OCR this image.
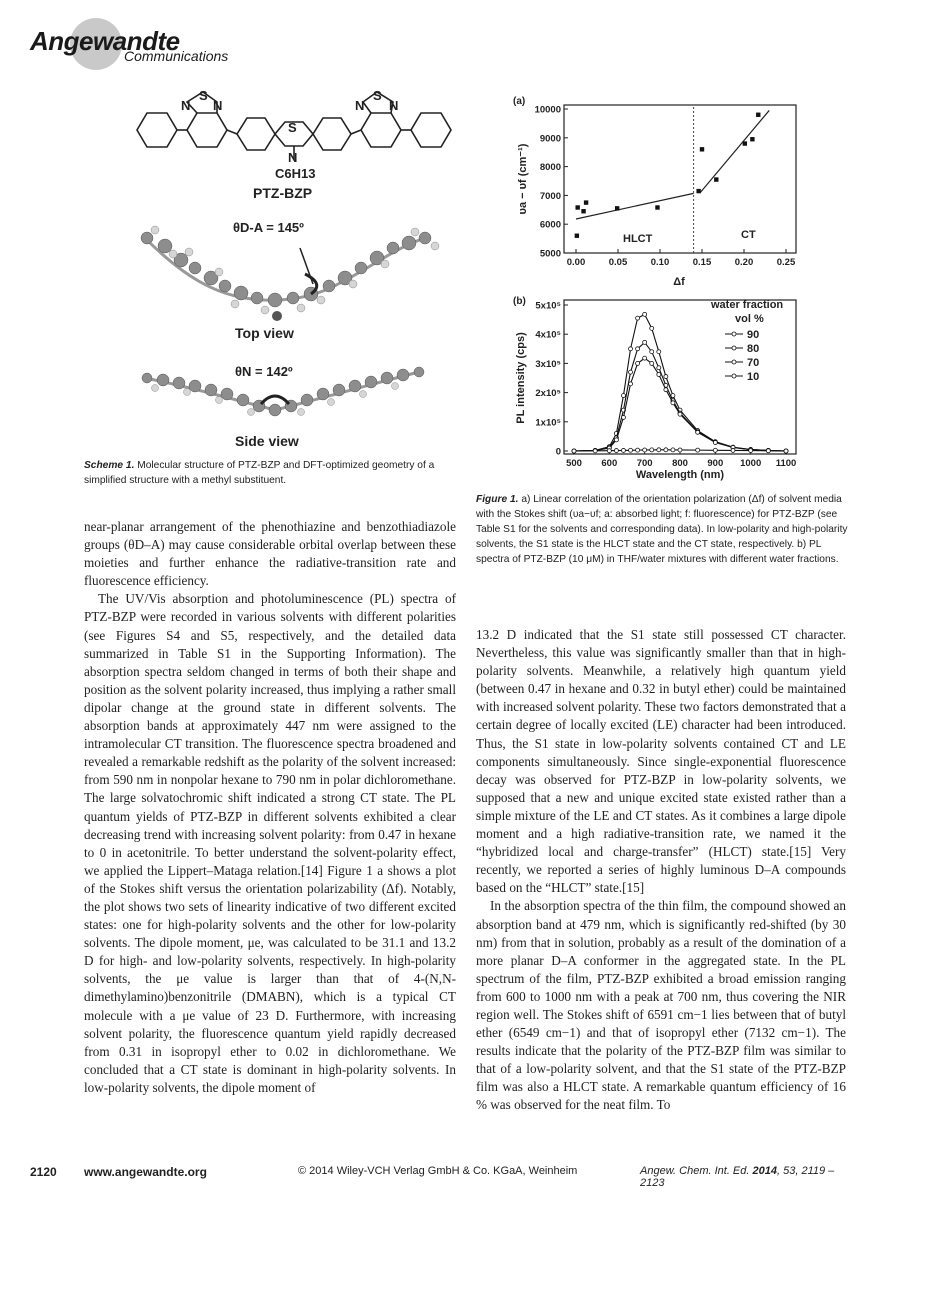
Angewandte
Communications
N
S
N	N
S
N
S
N
C6H13
PTZ-BZP
θD-A = 145º
Top view
θN = 142º
Side view
Scheme 1. Molecular structure of PTZ-BZP and DFT-optimized geometry of a simplified structure with a methyl substituent.
(a)
0.00 0.05 0.10 0.15 0.20 0.25
5000
6000
7000
8000
9000
10000
Δf
υa − υf (cm⁻¹)
HLCT	CT
(b)
500 600 700 800 900 1000 1100
0
1x10⁵
2x10⁵
3x10⁵
4x10⁵
5x10⁵
Wavelength (nm)
PL intensity (cps)
water fraction
vol %
90
80
70
10
Figure 1. a) Linear correlation of the orientation polarization (Δf) of solvent media with the Stokes shift (υa−υf; a: absorbed light; f: fluorescence) for PTZ-BZP (see Table S1 for the solvents and corresponding data). In low-polarity and high-polarity solvents, the S1 state is the HLCT state and the CT state, respectively. b) PL spectra of PTZ-BZP (10 μM) in THF/water mixtures with different water fractions.

near-planar arrangement of the phenothiazine and benzothiadiazole groups (θD–A) may cause considerable orbital overlap between these moieties and further enhance the radiative-transition rate and fluorescence efficiency.

The UV/Vis absorption and photoluminescence (PL) spectra of PTZ-BZP were recorded in various solvents with different polarities (see Figures S4 and S5, respectively, and the detailed data summarized in Table S1 in the Supporting Information). The absorption spectra seldom changed in terms of both their shape and position as the solvent polarity increased, thus implying a rather small dipolar change at the ground state in different solvents. The absorption bands at approximately 447 nm were assigned to the intramolecular CT transition. The fluorescence spectra broadened and revealed a remarkable redshift as the polarity of the solvent increased: from 590 nm in nonpolar hexane to 790 nm in polar dichloromethane. The large solvatochromic shift indicated a strong CT state. The PL quantum yields of PTZ-BZP in different solvents exhibited a clear decreasing trend with increasing solvent polarity: from 0.47 in hexane to 0 in acetonitrile. To better understand the solvent-polarity effect, we applied the Lippert–Mataga relation.[14] Figure 1 a shows a plot of the Stokes shift versus the orientation polarizability (Δf). Notably, the plot shows two sets of linearity indicative of two different excited states: one for high-polarity solvents and the other for low-polarity solvents. The dipole moment, μe, was calculated to be 31.1 and 13.2 D for high- and low-polarity solvents, respectively. In high-polarity solvents, the μe value is larger than that of 4-(N,N-dimethylamino)benzonitrile (DMABN), which is a typical CT molecule with a μe value of 23 D. Furthermore, with increasing solvent polarity, the fluorescence quantum yield rapidly decreased from 0.31 in isopropyl ether to 0.02 in dichloromethane. We concluded that a CT state is dominant in high-polarity solvents. In low-polarity solvents, the dipole moment of

13.2 D indicated that the S1 state still possessed CT character. Nevertheless, this value was significantly smaller than that in high-polarity solvents. Meanwhile, a relatively high quantum yield (between 0.47 in hexane and 0.32 in butyl ether) could be maintained with increased solvent polarity. These two factors demonstrated that a certain degree of locally excited (LE) character had been introduced. Thus, the S1 state in low-polarity solvents contained CT and LE components simultaneously. Since single-exponential fluorescence decay was observed for PTZ-BZP in low-polarity solvents, we supposed that a new and unique excited state existed rather than a simple mixture of the LE and CT states. As it combines a large dipole moment and a high radiative-transition rate, we named it the “hybridized local and charge-transfer” (HLCT) state.[15] Very recently, we reported a series of highly luminous D–A compounds based on the “HLCT” state.[15]

In the absorption spectra of the thin film, the compound showed an absorption band at 479 nm, which is significantly red-shifted (by 30 nm) from that in solution, probably as a result of the domination of a more planar D–A conformer in the aggregated state. In the PL spectrum of the film, PTZ-BZP exhibited a broad emission ranging from 600 to 1000 nm with a peak at 700 nm, thus covering the NIR region well. The Stokes shift of 6591 cm−1 lies between that of butyl ether (6549 cm−1) and that of isopropyl ether (7132 cm−1). The results indicate that the polarity of the PTZ-BZP film was similar to that of a low-polarity solvent, and that the S1 state of the PTZ-BZP film was also a HLCT state. A remarkable quantum efficiency of 16 % was observed for the neat film. To

2120 www.angewandte.org	© 2014 Wiley-VCH Verlag GmbH & Co. KGaA, Weinheim	Angew. Chem. Int. Ed. 2014, 53, 2119 –2123
